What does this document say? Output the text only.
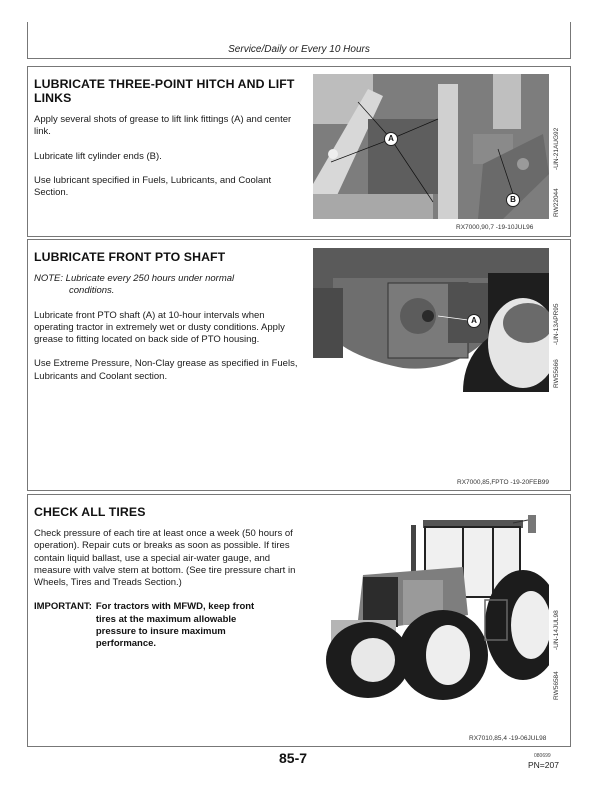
Service/Daily or Every 10 Hours
LUBRICATE THREE-POINT HITCH AND LIFT LINKS
Apply several shots of grease to lift link fittings (A) and center link.
Lubricate lift cylinder ends (B).
Use lubricant specified in Fuels, Lubricants, and Coolant Section.
A
B
-UN-21AUG92
RW22044
RX7000,90,7 -19-10JUL96
LUBRICATE FRONT PTO SHAFT
NOTE: Lubricate every 250 hours under normal
conditions.
Lubricate front PTO shaft (A) at 10-hour intervals when operating tractor in extremely wet or dusty conditions. Apply grease to fitting located on back side of PTO housing.
Use Extreme Pressure, Non-Clay grease as specified in Fuels, Lubricants and Coolant section.
A	-UN-13APR95
RW55666
RX7000,85,FPTO -19-20FEB99
CHECK ALL TIRES
Check pressure of each tire at least once a week (50 hours of operation). Repair cuts or breaks as soon as possible. If tires contain liquid ballast, use a special air-water gauge, and measure with valve stem at bottom. (See tire pressure chart in Wheels, Tires and Treads Section.)
IMPORTANT: For tractors with MFWD, keep front tires at the maximum allowable pressure to insure maximum performance.	-UN-14JUL98
RW56584
RX7010,85,4 -19-06JUL98
85-7	080699
PN=207
